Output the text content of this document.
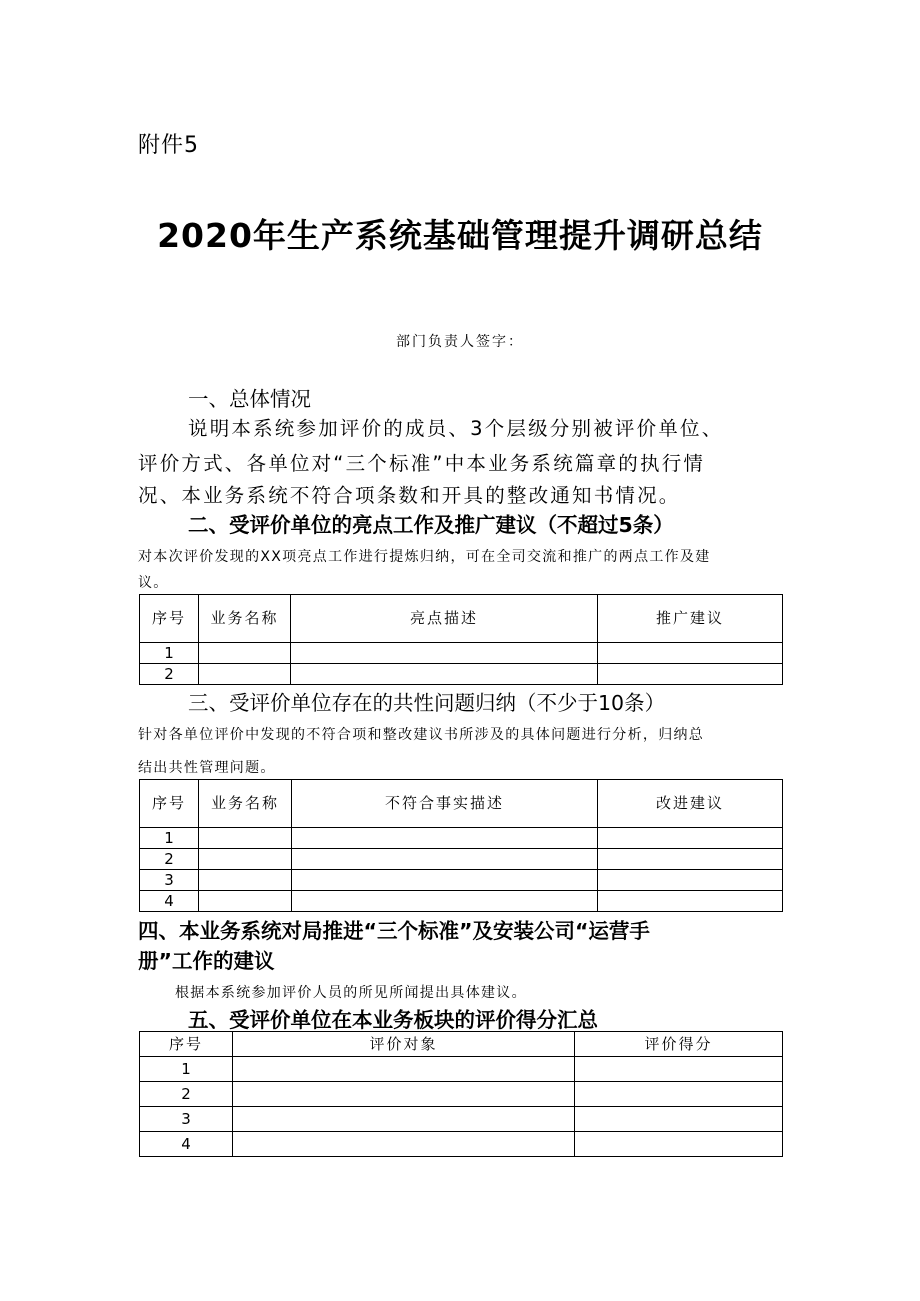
附件5
2020年生产系统基础管理提升调研总结
部门负责人签字：
一、总体情况
说明本系统参加评价的成员、3个层级分别被评价单位、
评价方式、各单位对“三个标准”中本业务系统篇章的执行情
况、本业务系统不符合项条数和开具的整改通知书情况。
二、受评价单位的亮点工作及推广建议（不超过5条）
对本次评价发现的XX项亮点工作进行提炼归纳，可在全司交流和推广的两点工作及建
议。
序号	业务名称	亮点描述	推广建议
1			
2			
三、受评价单位存在的共性问题归纳（不少于10条）
针对各单位评价中发现的不符合项和整改建议书所涉及的具体问题进行分析，归纳总
结出共性管理问题。
序号	业务名称	不符合事实描述	改进建议
1			
2			
3			
4			
四、本业务系统对局推进“三个标准”及安装公司“运营手
册”工作的建议
根据本系统参加评价人员的所见所闻提出具体建议。
五、受评价单位在本业务板块的评价得分汇总
序号	评价对象	评价得分
1		
2		
3		
4		
